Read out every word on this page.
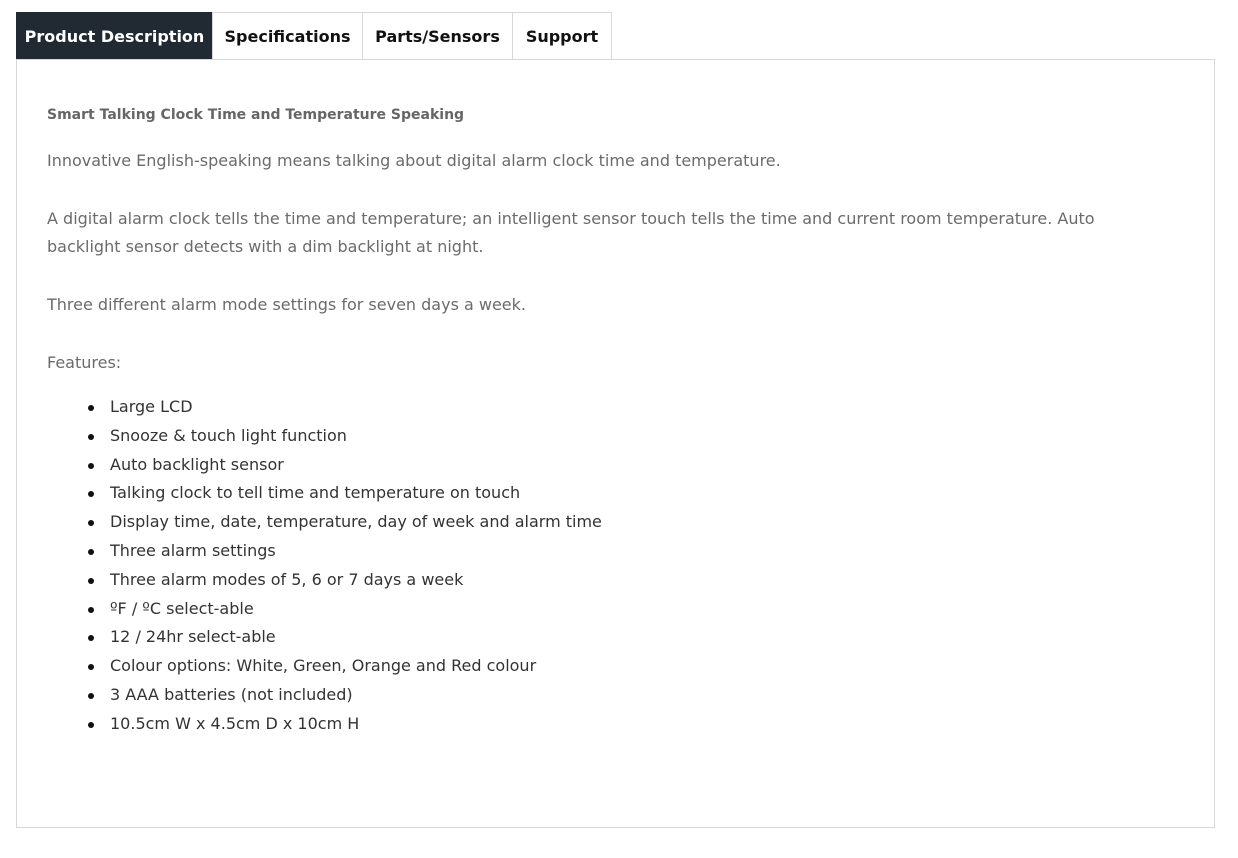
Product Description	Specifications	Parts/Sensors	Support
Smart Talking Clock Time and Temperature Speaking

Innovative English-speaking means talking about digital alarm clock time and temperature.

A digital alarm clock tells the time and temperature; an intelligent sensor touch tells the time and current room temperature. Auto backlight sensor detects with a dim backlight at night.

Three different alarm mode settings for seven days a week.

Features:

Large LCD
Snooze & touch light function
Auto backlight sensor
Talking clock to tell time and temperature on touch
Display time, date, temperature, day of week and alarm time
Three alarm settings
Three alarm modes of 5, 6 or 7 days a week
ºF / ºC select-able
12 / 24hr select-able
Colour options: White, Green, Orange and Red colour
3 AAA batteries (not included)
10.5cm W x 4.5cm D x 10cm H
